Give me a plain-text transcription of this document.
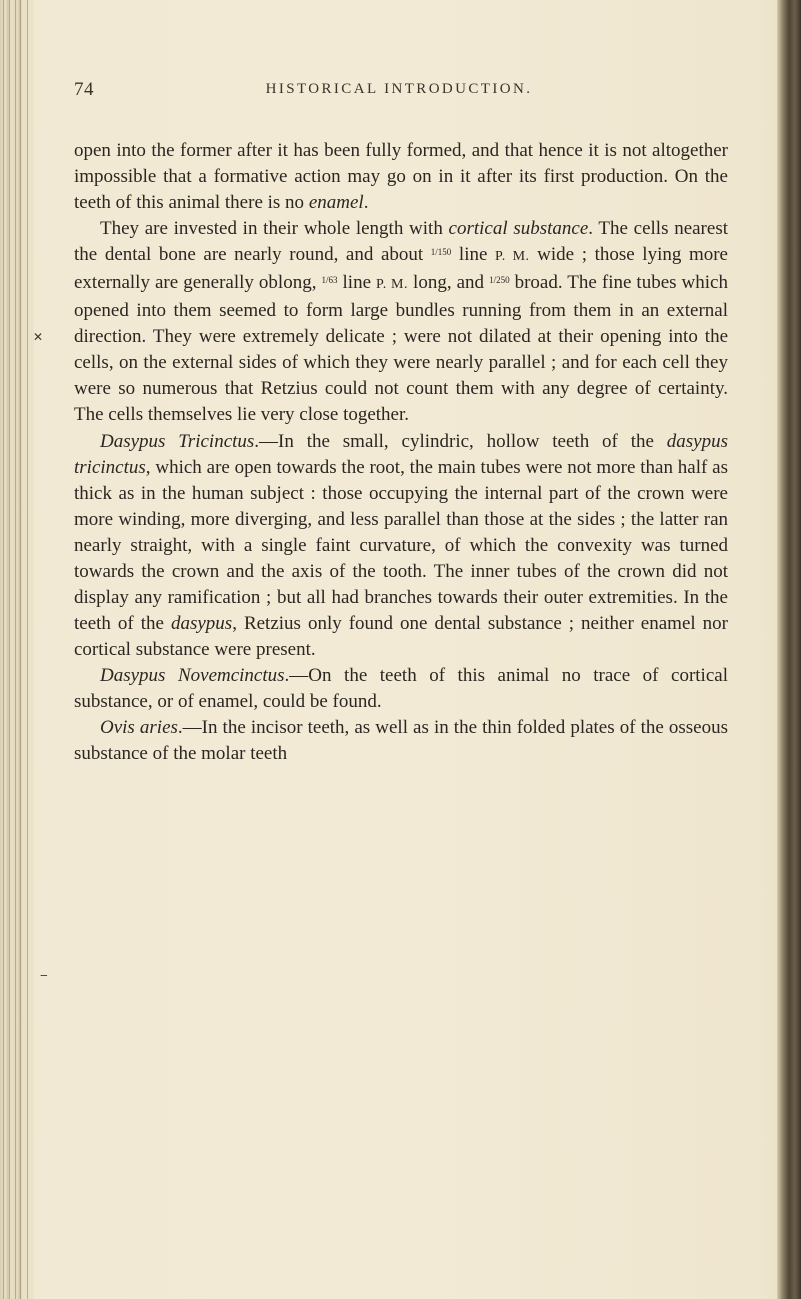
✕
‒
74	HISTORICAL INTRODUCTION.

open into the former after it has been fully formed, and that hence it is not altogether impossible that a formative action may go on in it after its first production. On the teeth of this animal there is no enamel.

They are invested in their whole length with cortical substance. The cells nearest the dental bone are nearly round, and about $^{1/150}$ line P. M. wide ; those lying more externally are generally oblong, $^{1/63}$ line P. M. long, and $^{1/250}$ broad. The fine tubes which opened into them seemed to form large bundles running from them in an external direction. They were extremely delicate ; were not dilated at their opening into the cells, on the external sides of which they were nearly parallel ; and for each cell they were so numerous that Retzius could not count them with any degree of certainty. The cells themselves lie very close together.

Dasypus Tricinctus.—In the small, cylindric, hollow teeth of the dasypus tricinctus, which are open towards the root, the main tubes were not more than half as thick as in the human subject : those occupying the internal part of the crown were more winding, more diverging, and less parallel than those at the sides ; the latter ran nearly straight, with a single faint curvature, of which the convexity was turned towards the crown and the axis of the tooth. The inner tubes of the crown did not display any ramification ; but all had branches towards their outer extremities. In the teeth of the dasypus, Retzius only found one dental substance ; neither enamel nor cortical substance were present.

Dasypus Novemcinctus.—On the teeth of this animal no trace of cortical substance, or of enamel, could be found.

Ovis aries.—In the incisor teeth, as well as in the thin folded plates of the osseous substance of the molar teeth
